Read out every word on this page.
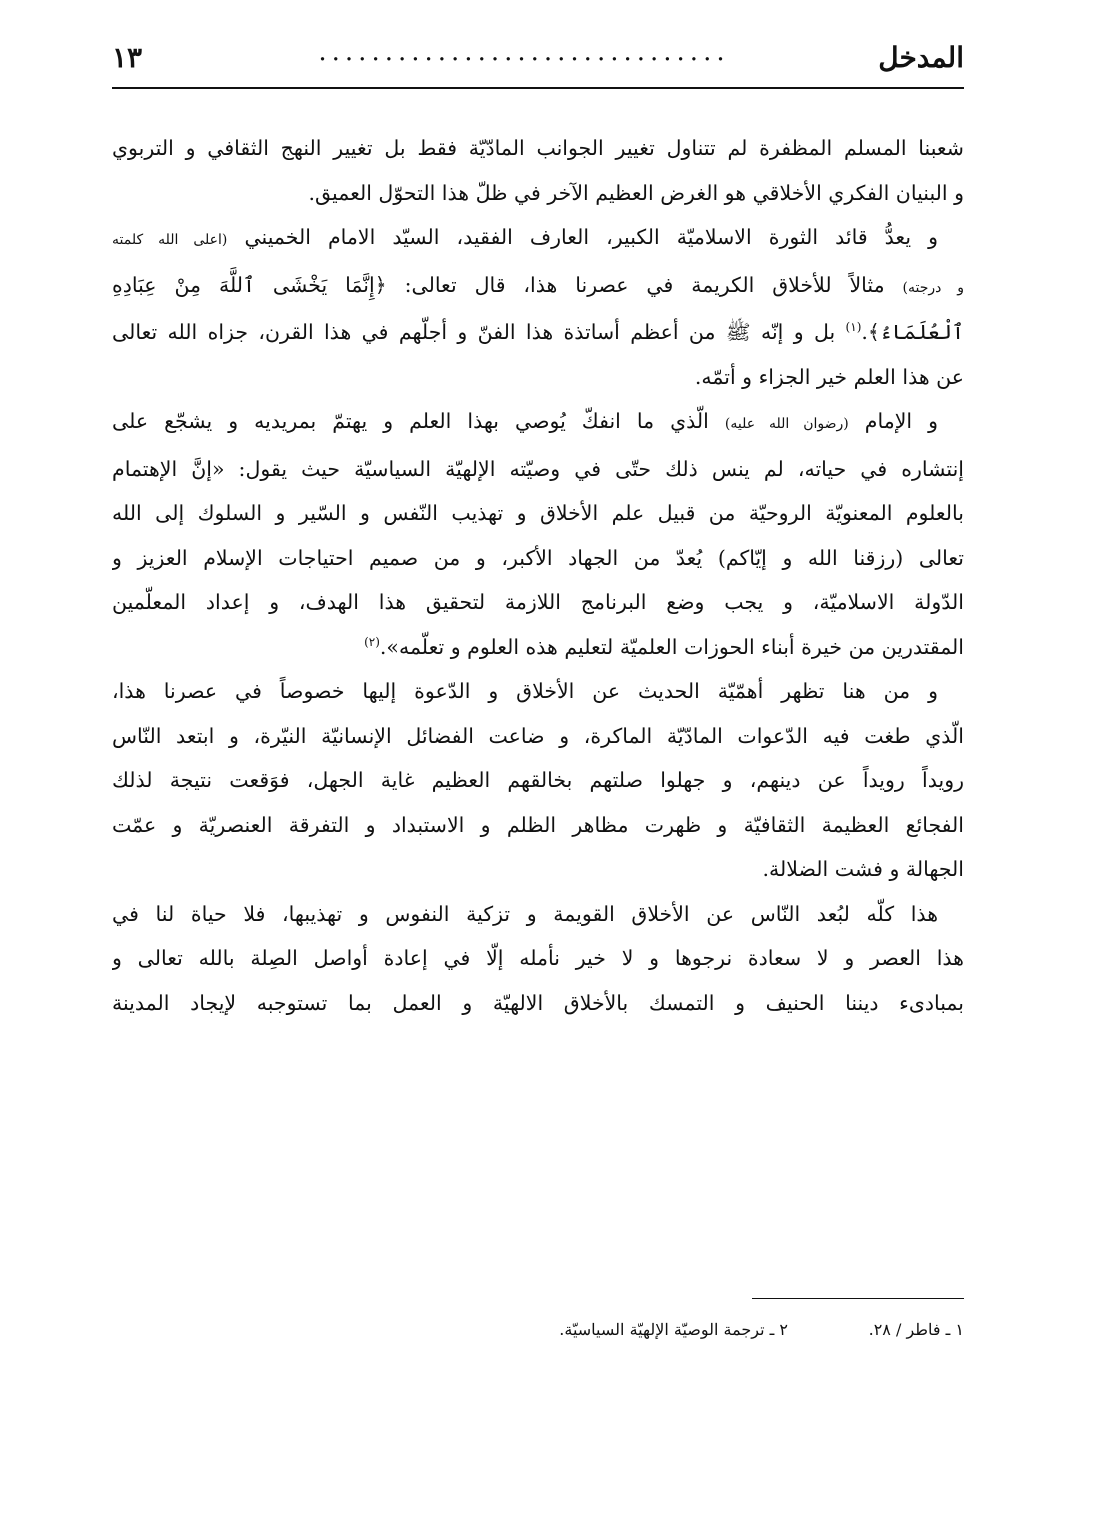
المدخل
...............................
١٣
شعبنا المسلم المظفرة لم تتناول تغيير الجوانب المادّيّة فقط بل تغيير النهج الثقافي و التربوي
و البنيان الفكري الأخلاقي هو الغرض العظيم الآخر في ظلّ هذا التحوّل العميق.
و يعدُّ قائد الثورة الاسلاميّة الكبير، العارف الفقيد، السيّد الامام الخميني (اعلى الله كلمته
و درجته) مثالاً للأخلاق الكريمة في عصرنا هذا، قال تعالى: ﴿إِنَّمَا يَخْشَى ٱللَّهَ مِنْ عِبَادِهِ
ٱلْعُلَمَاءُ﴾.$^{(١)}$ بل و إنّه ﷺ من أعظم أساتذة هذا الفنّ و أجلّهم في هذا القرن، جزاه الله تعالى
عن هذا العلم خير الجزاء و أتمّه.
و الإمام (رضوان الله عليه) الّذي ما انفكّ يُوصي بهذا العلم و يهتمّ بمريديه و يشجّع على
إنتشاره في حياته، لم ينس ذلك حتّى في وصيّته الإلهيّة السياسيّة حيث يقول: «إنَّ الإهتمام
بالعلوم المعنويّة الروحيّة من قبيل علم الأخلاق و تهذيب النّفس و السّير و السلوك إلى الله
تعالى (رزقنا الله و إيّاكم) يُعدّ من الجهاد الأكبر، و من صميم احتياجات الإسلام العزيز و
الدّولة الاسلاميّة، و يجب وضع البرنامج اللازمة لتحقيق هذا الهدف، و إعداد المعلّمين
المقتدرين من خيرة أبناء الحوزات العلميّة لتعليم هذه العلوم و تعلّمه».$^{(٢)}$
و من هنا تظهر أهمّيّة الحديث عن الأخلاق و الدّعوة إليها خصوصاً في عصرنا هذا،
الّذي طغت فيه الدّعوات المادّيّة الماكرة، و ضاعت الفضائل الإنسانيّة النيّرة، و ابتعد النّاس
رويداً رويداً عن دينهم، و جهلوا صلتهم بخالقهم العظيم غاية الجهل، فوَقعت نتيجة لذلك
الفجائع العظيمة الثقافيّة و ظهرت مظاهر الظلم و الاستبداد و التفرقة العنصريّة و عمّت
الجهالة و فشت الضلالة.
هذا كلّه لبُعد النّاس عن الأخلاق القويمة و تزكية النفوس و تهذيبها، فلا حياة لنا في
هذا العصر و لا سعادة نرجوها و لا خير نأمله إلّا في إعادة أواصل الصِلة بالله تعالى و
بمبادىء ديننا الحنيف و التمسك بالأخلاق الالهيّة و العمل بما تستوجبه لإيجاد المدينة
١ ـ فاطر / ٢٨.
٢ ـ ترجمة الوصيّة الإلهيّة السياسيّة.
